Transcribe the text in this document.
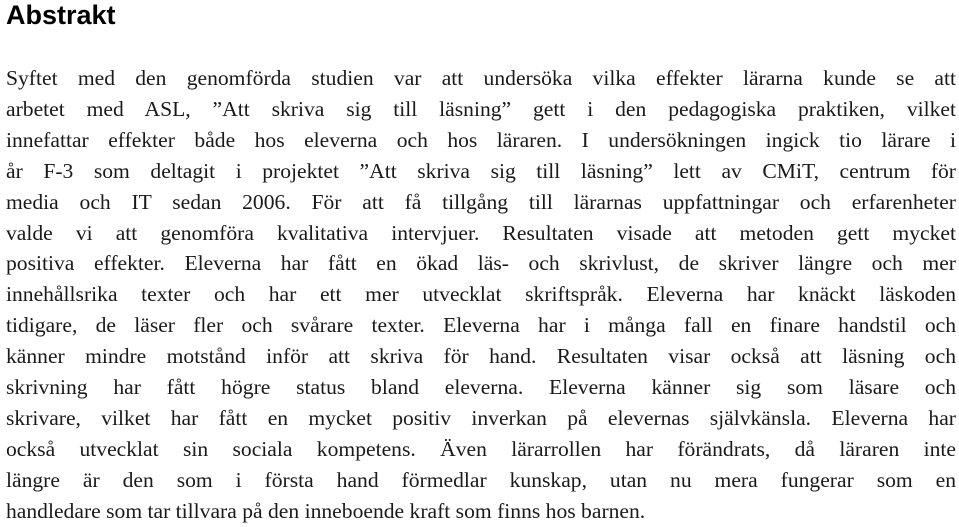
Abstrakt
Syftet med den genomförda studien var att undersöka vilka effekter lärarna kunde se att
arbetet med ASL, ”Att skriva sig till läsning” gett i den pedagogiska praktiken, vilket
innefattar effekter både hos eleverna och hos läraren. I undersökningen ingick tio lärare i
år F-3 som deltagit i projektet ”Att skriva sig till läsning” lett av CMiT, centrum för
media och IT sedan 2006. För att få tillgång till lärarnas uppfattningar och erfarenheter
valde vi att genomföra kvalitativa intervjuer. Resultaten visade att metoden gett mycket
positiva effekter. Eleverna har fått en ökad läs- och skrivlust, de skriver längre och mer
innehållsrika texter och har ett mer utvecklat skriftspråk. Eleverna har knäckt läskoden
tidigare, de läser fler och svårare texter. Eleverna har i många fall en finare handstil och
känner mindre motstånd inför att skriva för hand. Resultaten visar också att läsning och
skrivning har fått högre status bland eleverna. Eleverna känner sig som läsare och
skrivare, vilket har fått en mycket positiv inverkan på elevernas självkänsla. Eleverna har
också utvecklat sin sociala kompetens. Även lärarrollen har förändrats, då läraren inte
längre är den som i första hand förmedlar kunskap, utan nu mera fungerar som en
handledare som tar tillvara på den inneboende kraft som finns hos barnen.
